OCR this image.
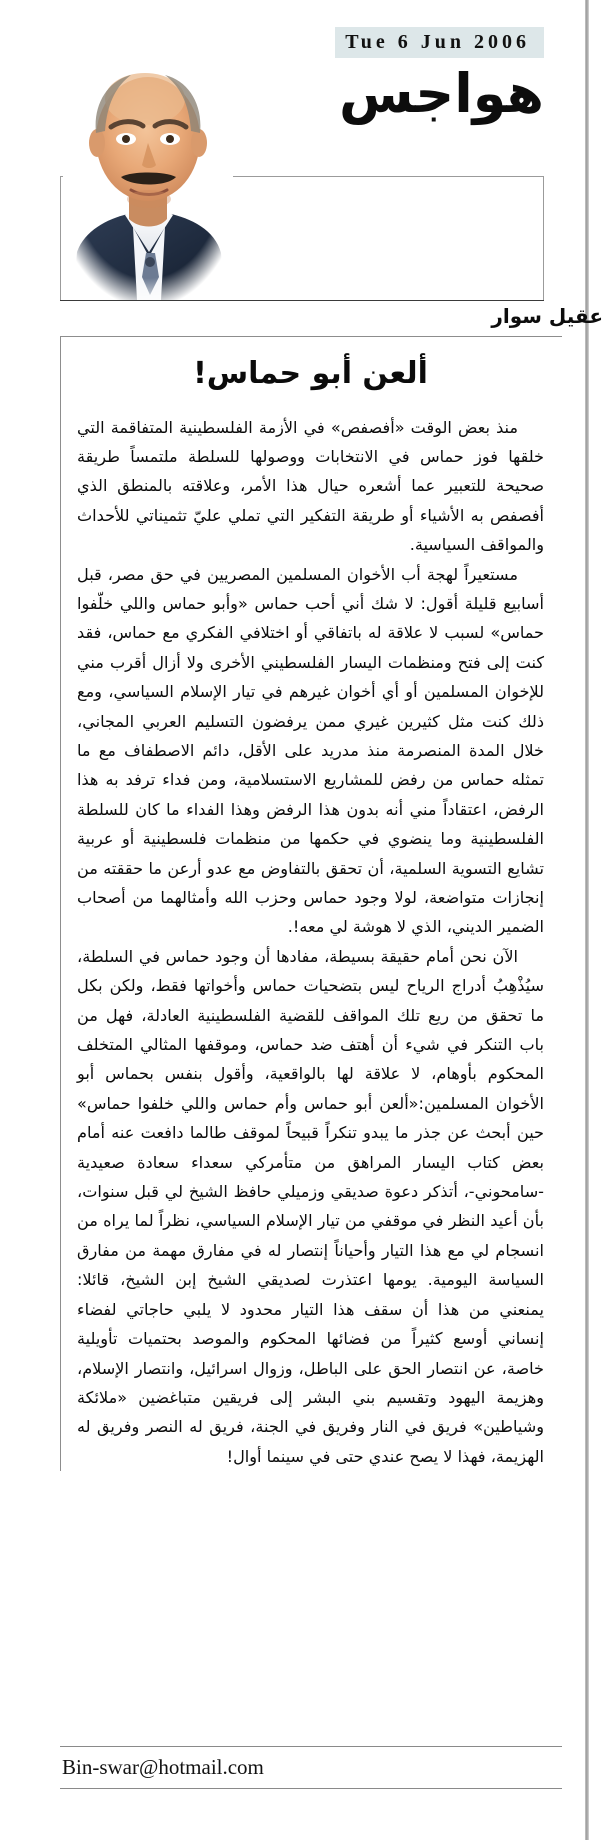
Tue 6 Jun 2006
هواجس
عقيل سوار
ألعن أبو حماس!

منذ بعض الوقت «أفصفص» في الأزمة الفلسطينية المتفاقمة التي خلقها فوز حماس في الانتخابات ووصولها للسلطة ملتمساً طريقة صحيحة للتعبير عما أشعره حيال هذا الأمر، وعلاقته بالمنطق الذي أفصفص به الأشياء أو طريقة التفكير التي تملي عليّ تثميناتي للأحداث والمواقف السياسية.

مستعيراً لهجة أب الأخوان المسلمين المصريين في حق مصر، قبل أسابيع قليلة أقول: لا شك أني أحب حماس «وأبو حماس واللي خلّفوا حماس» لسبب لا علاقة له باتفاقي أو اختلافي الفكري مع حماس، فقد كنت إلى فتح ومنظمات اليسار الفلسطيني الأخرى ولا أزال أقرب مني للإخوان المسلمين أو أي أخوان غيرهم في تيار الإسلام السياسي، ومع ذلك كنت مثل كثيرين غيري ممن يرفضون التسليم العربي المجاني، خلال المدة المنصرمة منذ مدريد على الأقل، دائم الاصطفاف مع ما تمثله حماس من رفض للمشاريع الاستسلامية، ومن فداء ترفد به هذا الرفض، اعتقاداً مني أنه بدون هذا الرفض وهذا الفداء ما كان للسلطة الفلسطينية وما ينضوي في حكمها من منظمات فلسطينية أو عربية تشايع التسوية السلمية، أن تحقق بالتفاوض مع عدو أرعن ما حققته من إنجازات متواضعة، لولا وجود حماس وحزب الله وأمثالهما من أصحاب الضمير الديني، الذي لا هوشة لي معه!.

الآن نحن أمام حقيقة بسيطة، مفادها أن وجود حماس في السلطة، سيُذْهِبُ أدراج الرياح ليس بتضحيات حماس وأخواتها فقط، ولكن بكل ما تحقق من ريع تلك المواقف للقضية الفلسطينية العادلة، فهل من باب التنكر في شيء أن أهتف ضد حماس، وموقفها المثالي المتخلف المحكوم بأوهام، لا علاقة لها بالواقعية، وأقول بنفس بحماس أبو الأخوان المسلمين:«ألعن أبو حماس وأم حماس واللي خلفوا حماس» حين أبحث عن جذر ما يبدو تنكراً قبيحاً لموقف طالما دافعت عنه أمام بعض كتاب اليسار المراهق من متأمركي سعداء سعادة صعيدية -سامحوني-، أتذكر دعوة صديقي وزميلي حافظ الشيخ لي قبل سنوات، بأن أعيد النظر في موقفي من تيار الإسلام السياسي، نظراً لما يراه من انسجام لي مع هذا التيار وأحياناً إنتصار له في مفارق مهمة من مفارق السياسة اليومية. يومها اعتذرت لصديقي الشيخ إبن الشيخ، قائلا: يمنعني من هذا أن سقف هذا التيار محدود لا يلبي حاجاتي لفضاء إنساني أوسع كثيراً من فضائها المحكوم والموصد بحتميات تأويلية خاصة، عن انتصار الحق على الباطل، وزوال اسرائيل، وانتصار الإسلام، وهزيمة اليهود وتقسيم بني البشر إلى فريقين متباغضين «ملائكة وشياطين» فريق في النار وفريق في الجنة، فريق له النصر وفريق له الهزيمة، فهذا لا يصح عندي حتى في سينما أوال!

Bin-swar@hotmail.com
